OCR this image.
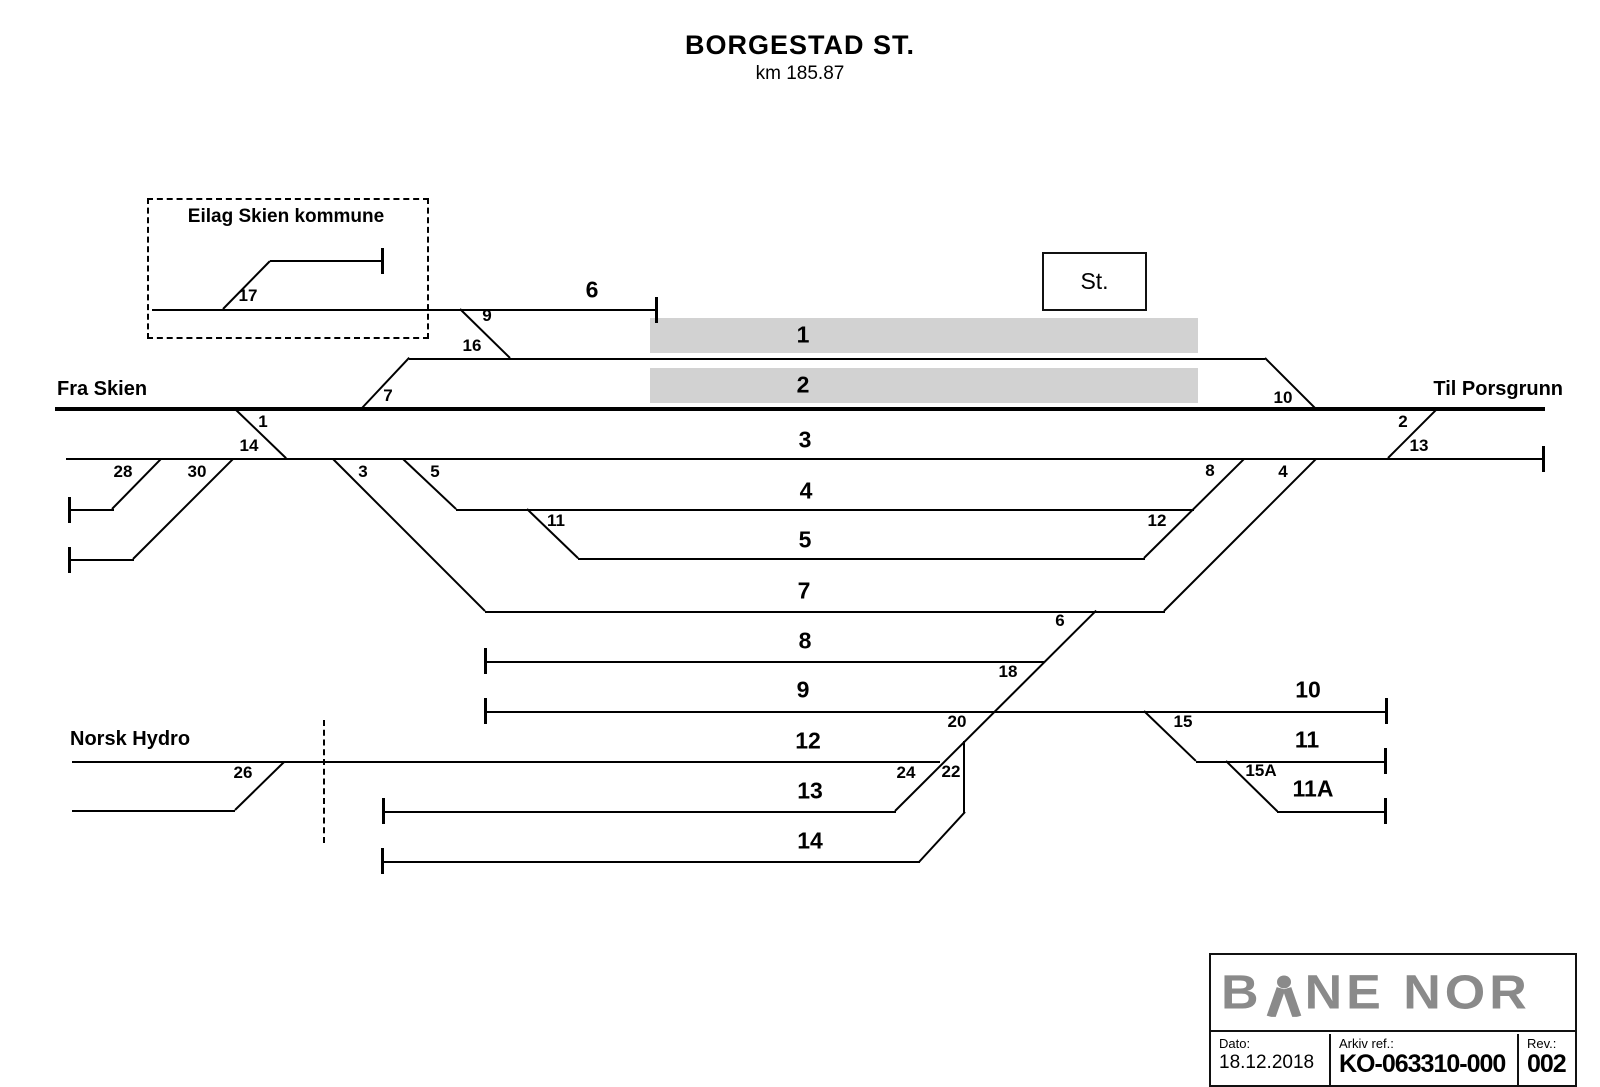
BORGESTAD ST.
km 185.87
Eilag Skien kommune
St.
Fra Skien	Til Porsgrunn
Norsk Hydro
6
1
2
3
4
5
7
8
9	10
12	11
13	11A
14
17
9
16
7	10
1
14
2
13
28	30	3	5	8	4
11	12
6
18
20	15
24 22	15A
26
B NE NOR
Dato:
18.12.2018
Arkiv ref.:
KO-063310-000
Rev.:
002
